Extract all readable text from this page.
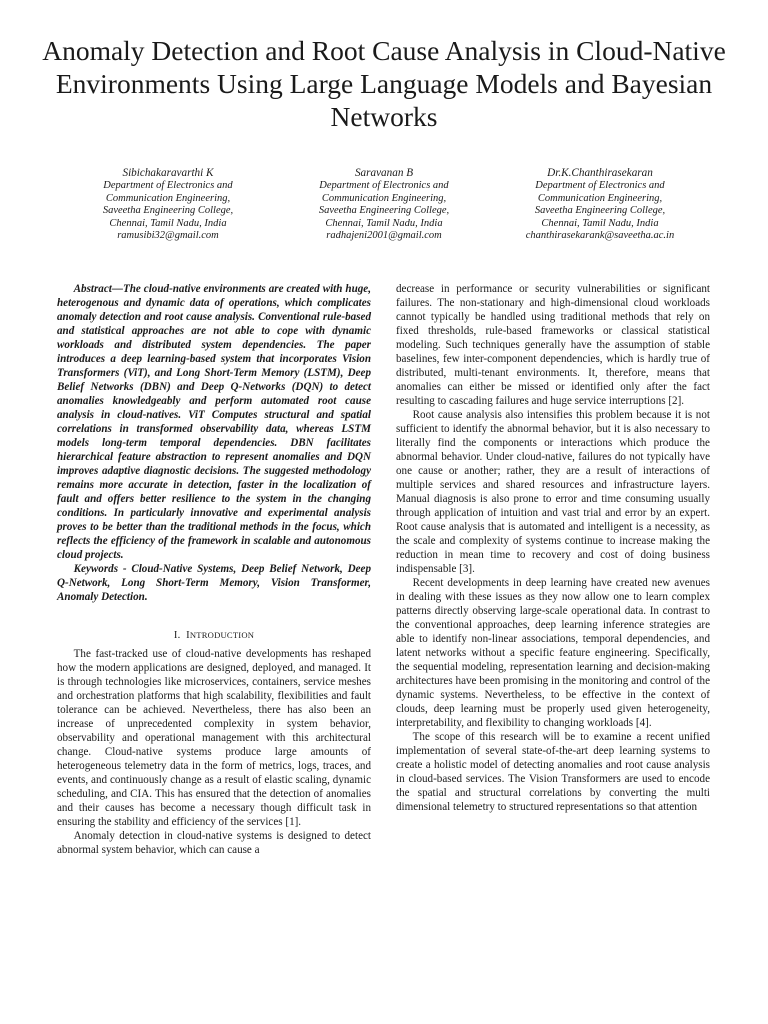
Anomaly Detection and Root Cause Analysis in Cloud-Native Environments Using Large Language Models and Bayesian Networks
Sibichakaravarthi K
Department of Electronics and
Communication Engineering,
Saveetha Engineering College,
Chennai, Tamil Nadu, India
ramusibi32@gmail.com
Saravanan B
Department of Electronics and
Communication Engineering,
Saveetha Engineering College,
Chennai, Tamil Nadu, India
radhajeni2001@gmail.com
Dr.K.Chanthirasekaran
Department of Electronics and
Communication Engineering,
Saveetha Engineering College,
Chennai, Tamil Nadu, India
chanthirasekarank@saveetha.ac.in

Abstract—The cloud-native environments are created with huge, heterogenous and dynamic data of operations, which complicates anomaly detection and root cause analysis. Conventional rule-based and statistical approaches are not able to cope with dynamic workloads and distributed system dependencies. The paper introduces a deep learning-based system that incorporates Vision Transformers (ViT), and Long Short-Term Memory (LSTM), Deep Belief Networks (DBN) and Deep Q-Networks (DQN) to detect anomalies knowledgeably and perform automated root cause analysis in cloud-natives. ViT Computes structural and spatial correlations in transformed observability data, whereas LSTM models long-term temporal dependencies. DBN facilitates hierarchical feature abstraction to represent anomalies and DQN improves adaptive diagnostic decisions. The suggested methodology remains more accurate in detection, faster in the localization of fault and offers better resilience to the system in the changing conditions. In particularly innovative and experimental analysis proves to be better than the traditional methods in the focus, which reflects the efficiency of the framework in scalable and autonomous cloud projects.

Keywords - Cloud-Native Systems, Deep Belief Network, Deep Q-Network, Long Short-Term Memory, Vision Transformer, Anomaly Detection.

I. INTRODUCTION

The fast-tracked use of cloud-native developments has reshaped how the modern applications are designed, deployed, and managed. It is through technologies like microservices, containers, service meshes and orchestration platforms that high scalability, flexibilities and fault tolerance can be achieved. Nevertheless, there has also been an increase of unprecedented complexity in system behavior, observability and operational management with this architectural change. Cloud-native systems produce large amounts of heterogeneous telemetry data in the form of metrics, logs, traces, and events, and continuously change as a result of elastic scaling, dynamic scheduling, and CIA. This has ensured that the detection of anomalies and their causes has become a necessary though difficult task in ensuring the stability and efficiency of the services [1].

Anomaly detection in cloud-native systems is designed to detect abnormal system behavior, which can cause a

decrease in performance or security vulnerabilities or significant failures. The non-stationary and high-dimensional cloud workloads cannot typically be handled using traditional methods that rely on fixed thresholds, rule-based frameworks or classical statistical modeling. Such techniques generally have the assumption of stable baselines, few inter-component dependencies, which is hardly true of distributed, multi-tenant environments. It, therefore, means that anomalies can either be missed or identified only after the fact resulting to cascading failures and huge service interruptions [2].

Root cause analysis also intensifies this problem because it is not sufficient to identify the abnormal behavior, but it is also necessary to literally find the components or interactions which produce the abnormal behavior. Under cloud-native, failures do not typically have one cause or another; rather, they are a result of interactions of multiple services and shared resources and infrastructure layers. Manual diagnosis is also prone to error and time consuming usually through application of intuition and vast trial and error by an expert. Root cause analysis that is automated and intelligent is a necessity, as the scale and complexity of systems continue to increase making the reduction in mean time to recovery and cost of doing business indispensable [3].

Recent developments in deep learning have created new avenues in dealing with these issues as they now allow one to learn complex patterns directly observing large-scale operational data. In contrast to the conventional approaches, deep learning inference strategies are able to identify non-linear associations, temporal dependencies, and latent networks without a specific feature engineering. Specifically, the sequential modeling, representation learning and decision-making architectures have been promising in the monitoring and control of the dynamic systems. Nevertheless, to be effective in the context of clouds, deep learning must be properly used given heterogeneity, interpretability, and flexibility to changing workloads [4].

The scope of this research will be to examine a recent unified implementation of several state-of-the-art deep learning systems to create a holistic model of detecting anomalies and root cause analysis in cloud-based services. The Vision Transformers are used to encode the spatial and structural correlations by converting the multi dimensional telemetry to structured representations so that attention
